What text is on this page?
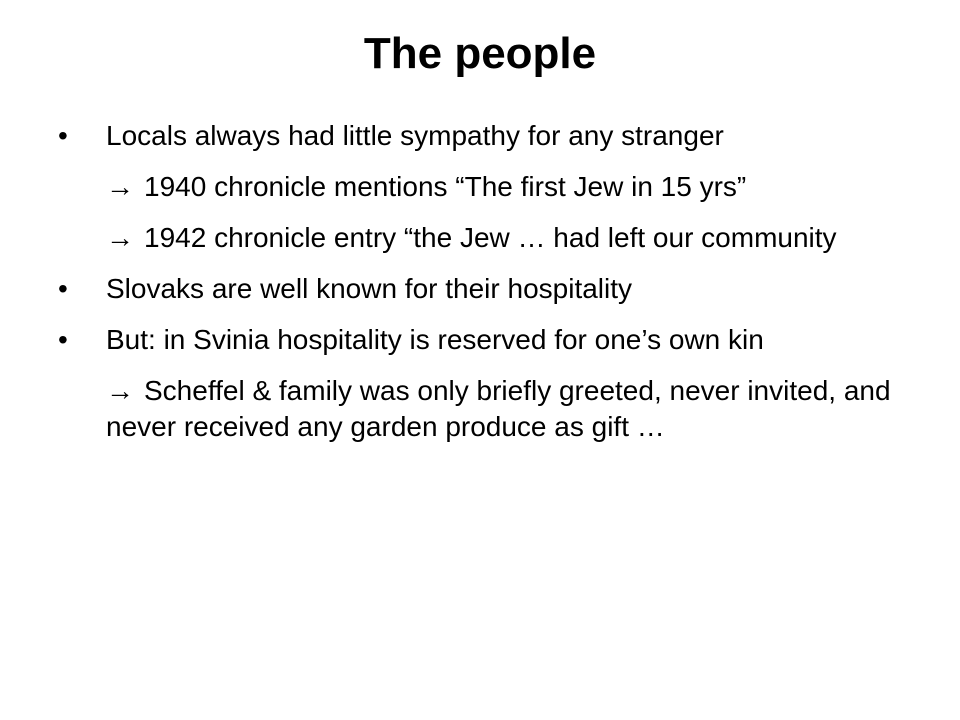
The people
•	Locals always had little sympathy for any stranger
→ 1940 chronicle mentions “The first Jew in 15 yrs”
→ 1942 chronicle entry “the Jew … had left our community
•	Slovaks are well known for their hospitality
•	But: in Svinia hospitality is reserved for one’s own kin
→ Scheffel & family was only briefly greeted, never invited, and never received any garden produce as gift …
